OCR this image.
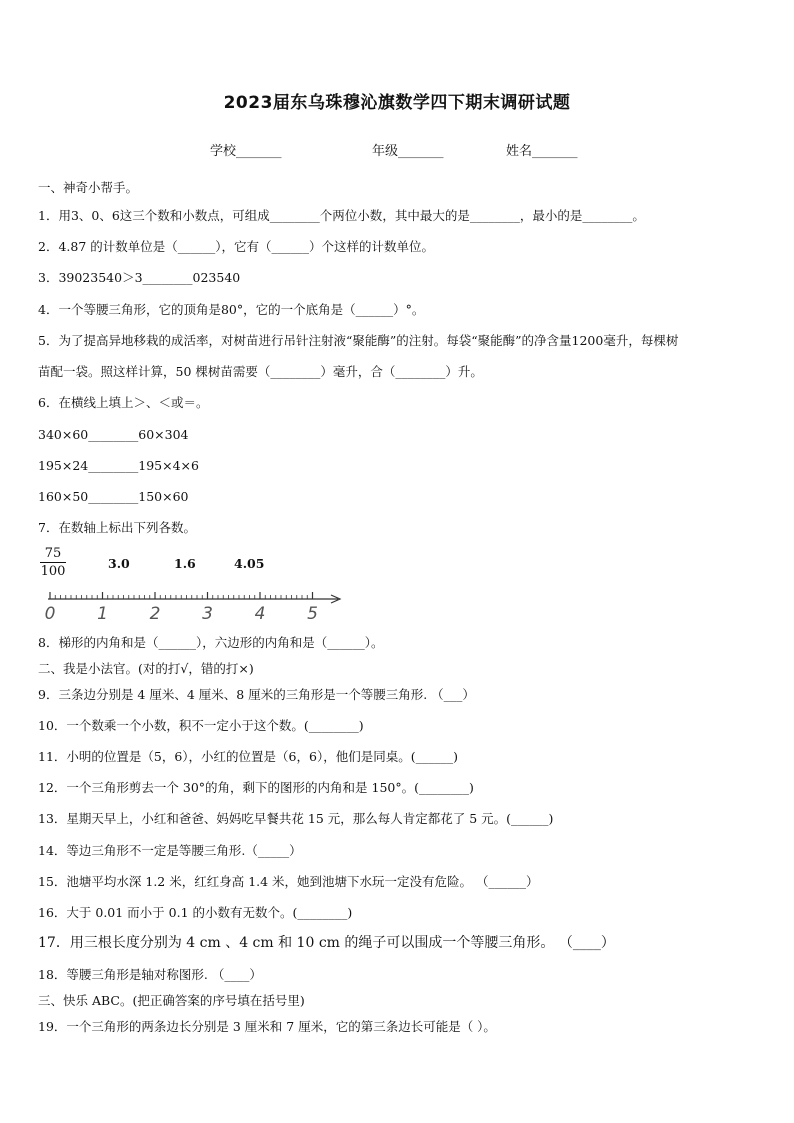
2023届东乌珠穆沁旗数学四下期末调研试题
学校_______	年级_______	姓名_______
一、神奇小帮手。
1．用3、0、6这三个数和小数点，可组成________个两位小数，其中最大的是________，最小的是________。
2．4.87 的计数单位是（______），它有（______）个这样的计数单位。
3．39023540＞3________023540
4．一个等腰三角形，它的顶角是80°，它的一个底角是（______）°。
5．为了提高异地移栽的成活率，对树苗进行吊针注射液“聚能酶”的注射。每袋“聚能酶”的净含量1200毫升，每棵树
苗配一袋。照这样计算，50 棵树苗需要（________）毫升，合（________）升。
6．在横线上填上＞、＜或＝。
340×60________60×304
195×24________195×4×6
160×50________150×60
7．在数轴上标出下列各数。
75
100
3.0	1.6	4.05
0 1 2 3 4 5
8．梯形的内角和是（______），六边形的内角和是（______）。
二、我是小法官。(对的打√，错的打×)
9．三条边分别是 4 厘米、4 厘米、8 厘米的三角形是一个等腰三角形. （___）
10．一个数乘一个小数，积不一定小于这个数。(________)
11．小明的位置是（5，6），小红的位置是（6，6），他们是同桌。(______)
12．一个三角形剪去一个 30°的角，剩下的图形的内角和是 150°。(________)
13．星期天早上，小红和爸爸、妈妈吃早餐共花 15 元，那么每人肯定都花了 5 元。(______)
14．等边三角形不一定是等腰三角形.（_____）
15．池塘平均水深 1.2 米，红红身高 1.4 米，她到池塘下水玩一定没有危险。 （______）
16．大于 0.01 而小于 0.1 的小数有无数个。(________)
17．用三根长度分别为 4 cm 、4 cm 和 10 cm 的绳子可以围成一个等腰三角形。 （____）
18．等腰三角形是轴对称图形. （____）
三、快乐 ABC。(把正确答案的序号填在括号里)
19．一个三角形的两条边长分别是 3 厘米和 7 厘米，它的第三条边长可能是（ ）。
